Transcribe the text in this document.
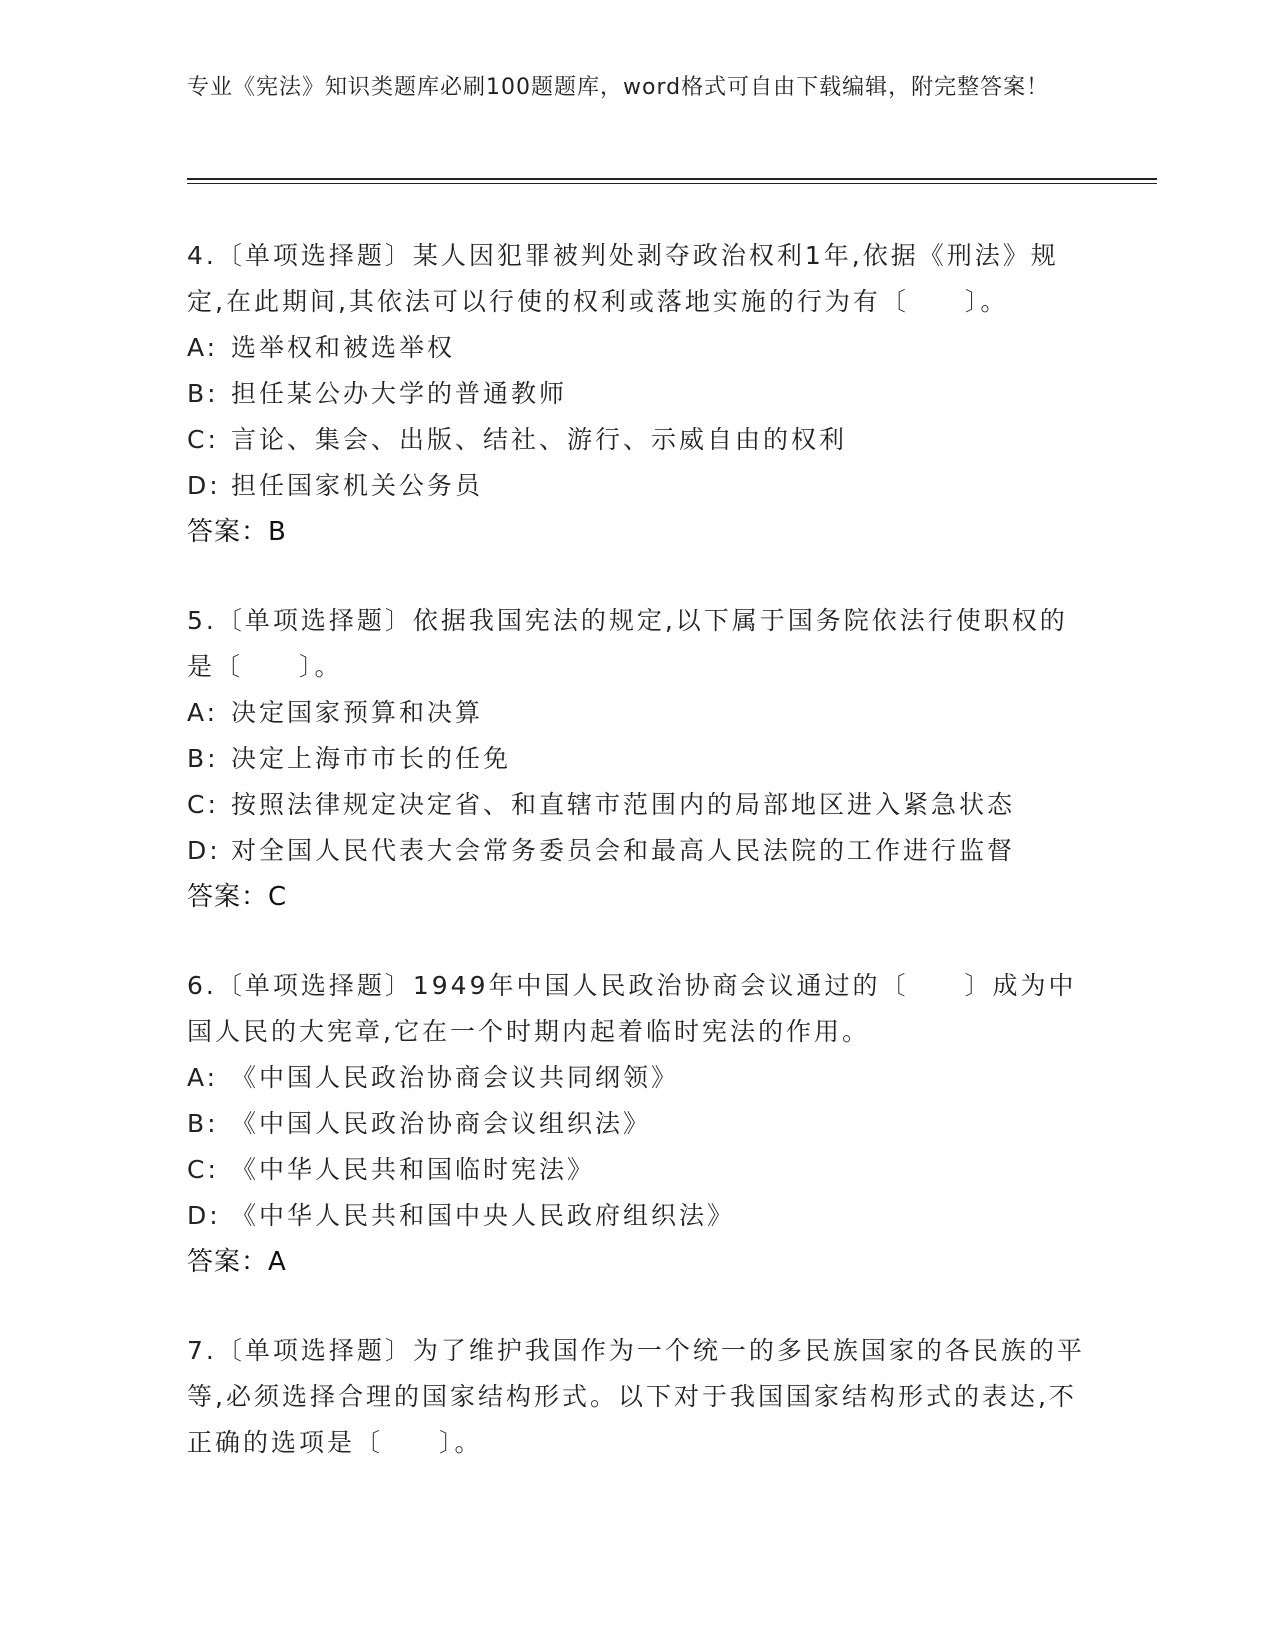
专业《宪法》知识类题库必刷100题题库，word格式可自由下载编辑，附完整答案！

4.〔单项选择题〕某人因犯罪被判处剥夺政治权利1年,依据《刑法》规定,在此期间,其依法可以行使的权利或落地实施的行为有〔　　〕。

A: 选举权和被选举权
B: 担任某公办大学的普通教师
C: 言论、集会、出版、结社、游行、示威自由的权利
D: 担任国家机关公务员
答案：B

5.〔单项选择题〕依据我国宪法的规定,以下属于国务院依法行使职权的是〔　　〕。

A: 决定国家预算和决算
B: 决定上海市市长的任免
C: 按照法律规定决定省、和直辖市范围内的局部地区进入紧急状态
D: 对全国人民代表大会常务委员会和最高人民法院的工作进行监督
答案：C

6.〔单项选择题〕1949年中国人民政治协商会议通过的〔　　〕成为中国人民的大宪章,它在一个时期内起着临时宪法的作用。

A: 《中国人民政治协商会议共同纲领》
B: 《中国人民政治协商会议组织法》
C: 《中华人民共和国临时宪法》
D: 《中华人民共和国中央人民政府组织法》
答案：A

7.〔单项选择题〕为了维护我国作为一个统一的多民族国家的各民族的平等,必须选择合理的国家结构形式。以下对于我国国家结构形式的表达,不正确的选项是〔　　〕。
